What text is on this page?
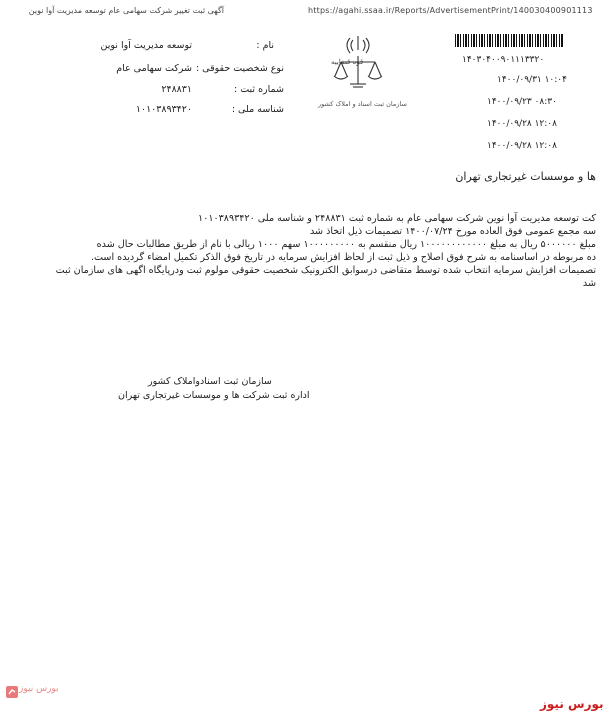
آگهی ثبت تغییر شرکت سهامی عام توسعه مدیریت آوا نوین	https://agahi.ssaa.ir/Reports/AdvertisementPrint/140030400901113
۱۴۰۳۰۴۰۰۹۰۱۱۱۳۳۲۰
۱۴۰۰/۰۹/۳۱ ۱۰:۰۴
۱۴۰۰/۰۹/۲۳ ۰۸:۳۰
۱۴۰۰/۰۹/۲۸ ۱۲:۰۸
۱۴۰۰/۰۹/۲۸ ۱۲:۰۸
قوه قضاییه
سازمان ثبت اسناد و املاک کشور
نام :
توسعه مدیریت آوا نوین
نوع شخصیت حقوقی :
شرکت سهامی عام
شماره ثبت :
۲۴۸۸۳۱
شناسه ملی :
۱۰۱۰۳۸۹۳۴۲۰
ها و موسسات غیرتجاری تهران
کت توسعه مدیریت آوا نوین شرکت سهامی عام به شماره ثبت ۲۴۸۸۳۱ و شناسه ملی ۱۰۱۰۳۸۹۳۴۲۰
سه مجمع عمومی فوق العاده مورخ ۱۴۰۰/۰۷/۲۴ تصمیمات ذیل اتخاذ شد
مبلغ ۵۰۰۰۰۰۰ ریال به مبلغ ۱۰۰۰۰۰۰۰۰۰۰۰۰ ریال منقسم به ۱۰۰۰۰۰۰۰۰۰ سهم ۱۰۰۰ ریالی با نام از طریق مطالبات حال شده
ده مربوطه در اساسنامه به شرح فوق اصلاح و ذیل ثبت از لحاظ افزایش سرمایه در تاریخ فوق الذکر تکمیل امضاء گردیده است.
تصمیمات افزایش سرمایه انتخاب شده توسط متقاضی درسوابق الکترونیک شخصیت حقوقی مولوم ثبت ودرپایگاه اگهی های سازمان ثبت
شد
سازمان ثبت اسنادواملاک کشور
اداره ثبت شرکت ها و موسسات غیرتجاری تهران
بورس نیوز
بورس نیوز
